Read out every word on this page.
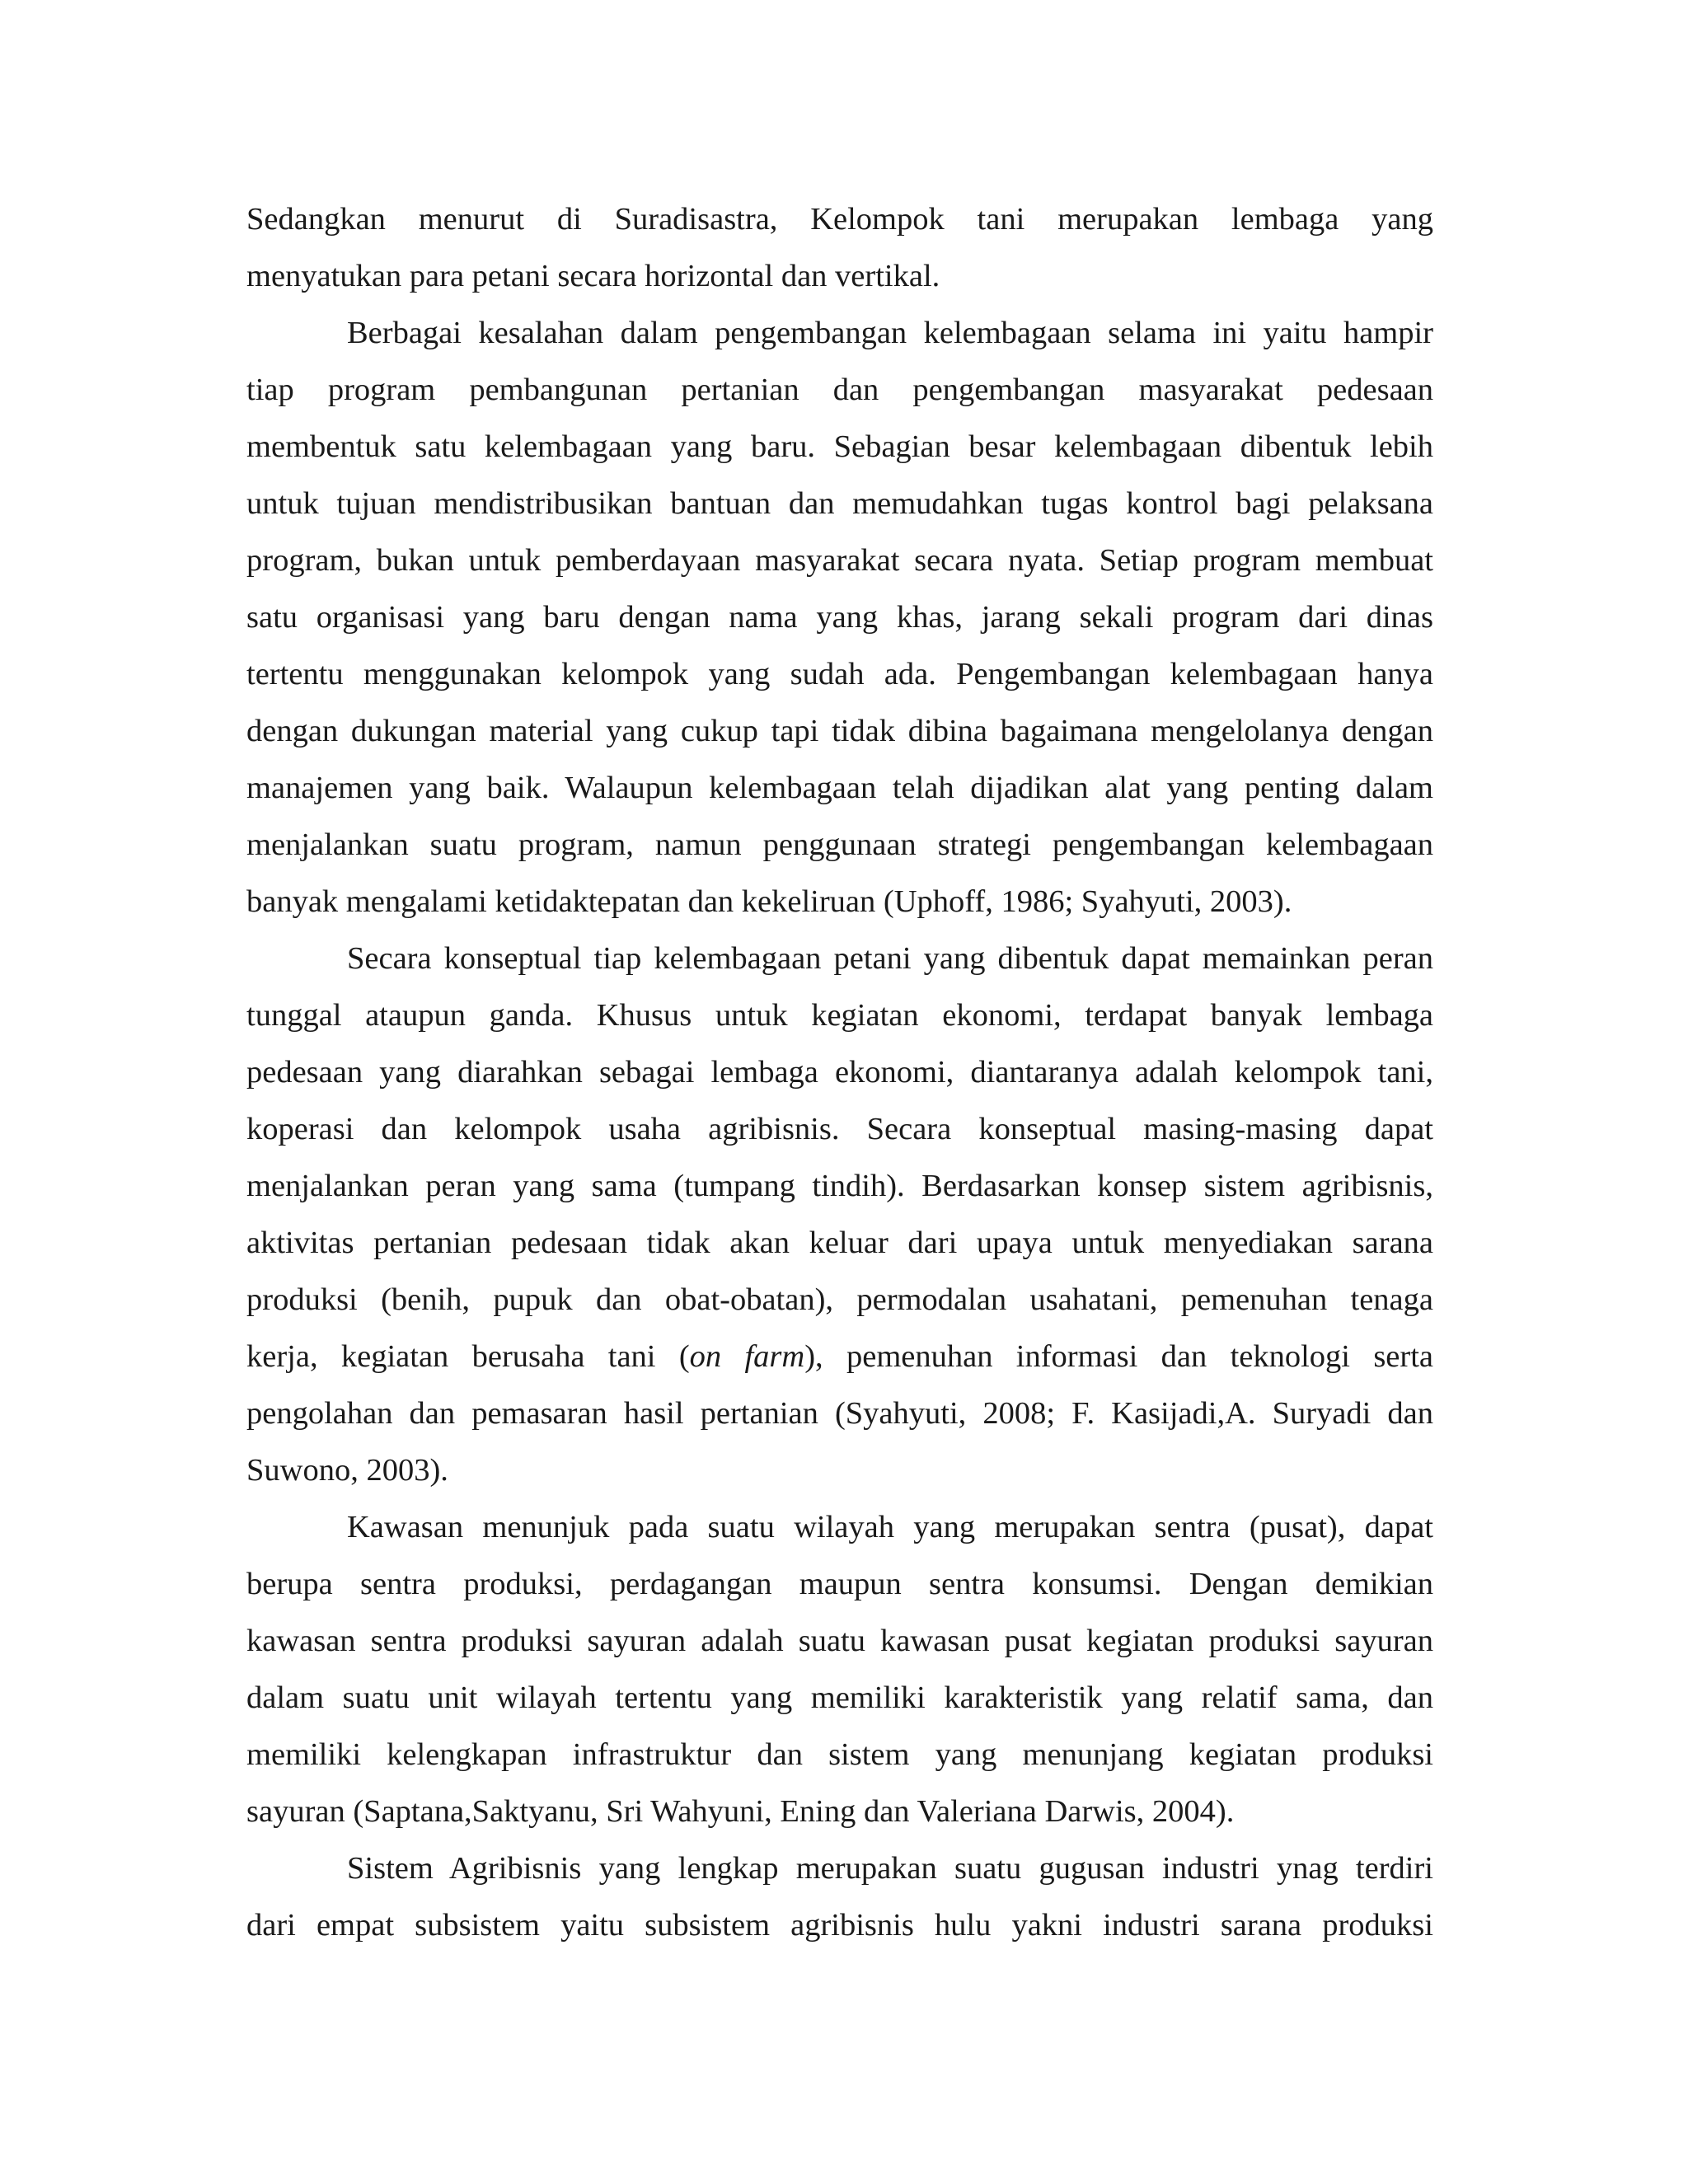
Sedangkan menurut di Suradisastra, Kelompok tani merupakan lembaga yang
menyatukan para petani secara horizontal dan vertikal.
Berbagai kesalahan dalam pengembangan kelembagaan selama ini yaitu hampir
tiap program pembangunan pertanian dan pengembangan masyarakat pedesaan
membentuk satu kelembagaan yang baru. Sebagian besar kelembagaan dibentuk lebih
untuk tujuan mendistribusikan bantuan dan memudahkan tugas kontrol bagi pelaksana
program, bukan untuk pemberdayaan masyarakat secara nyata. Setiap program membuat
satu organisasi yang baru dengan nama yang khas, jarang sekali program dari dinas
tertentu menggunakan kelompok yang sudah ada. Pengembangan kelembagaan hanya
dengan dukungan material yang cukup tapi tidak dibina bagaimana mengelolanya dengan
manajemen yang baik. Walaupun kelembagaan telah dijadikan alat yang penting dalam
menjalankan suatu program, namun penggunaan strategi pengembangan kelembagaan
banyak mengalami ketidaktepatan dan kekeliruan (Uphoff, 1986; Syahyuti, 2003).
Secara konseptual tiap kelembagaan petani yang dibentuk dapat memainkan peran
tunggal ataupun ganda. Khusus untuk kegiatan ekonomi, terdapat banyak lembaga
pedesaan yang diarahkan sebagai lembaga ekonomi, diantaranya adalah kelompok tani,
koperasi dan kelompok usaha agribisnis. Secara konseptual masing-masing dapat
menjalankan peran yang sama (tumpang tindih). Berdasarkan konsep sistem agribisnis,
aktivitas pertanian pedesaan tidak akan keluar dari upaya untuk menyediakan sarana
produksi (benih, pupuk dan obat-obatan), permodalan usahatani, pemenuhan tenaga
kerja, kegiatan berusaha tani (on farm), pemenuhan informasi dan teknologi serta
pengolahan dan pemasaran hasil pertanian (Syahyuti, 2008; F. Kasijadi,A. Suryadi dan
Suwono, 2003).
Kawasan menunjuk pada suatu wilayah yang merupakan sentra (pusat), dapat
berupa sentra produksi, perdagangan maupun sentra konsumsi. Dengan demikian
kawasan sentra produksi sayuran adalah suatu kawasan pusat kegiatan produksi sayuran
dalam suatu unit wilayah tertentu yang memiliki karakteristik yang relatif sama, dan
memiliki kelengkapan infrastruktur dan sistem yang menunjang kegiatan produksi
sayuran (Saptana,Saktyanu, Sri Wahyuni, Ening dan Valeriana Darwis, 2004).
Sistem Agribisnis yang lengkap merupakan suatu gugusan industri ynag terdiri
dari empat subsistem yaitu subsistem agribisnis hulu yakni industri sarana produksi
